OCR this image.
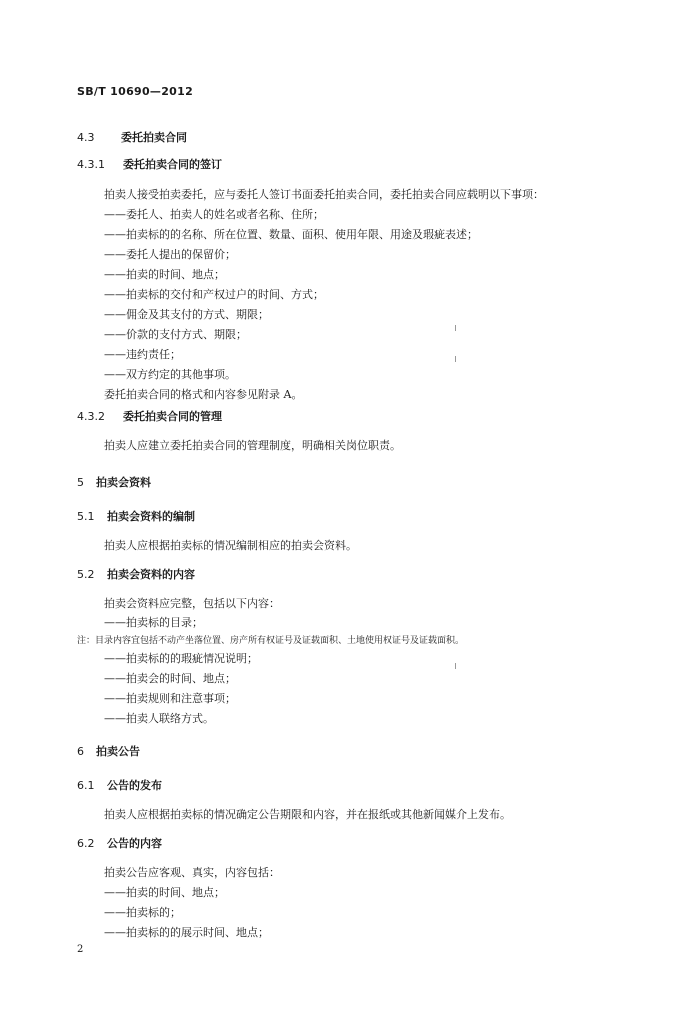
SB/T 10690—2012
4.3 委托拍卖合同
4.3.1 委托拍卖合同的签订
拍卖人接受拍卖委托，应与委托人签订书面委托拍卖合同，委托拍卖合同应载明以下事项：
——委托人、拍卖人的姓名或者名称、住所；
——拍卖标的的名称、所在位置、数量、面积、使用年限、用途及瑕疵表述；
——委托人提出的保留价；
——拍卖的时间、地点；
——拍卖标的交付和产权过户的时间、方式；
——佣金及其支付的方式、期限；
——价款的支付方式、期限；
——违约责任；
——双方约定的其他事项。
委托拍卖合同的格式和内容参见附录 A。
4.3.2 委托拍卖合同的管理
拍卖人应建立委托拍卖合同的管理制度，明确相关岗位职责。
5 拍卖会资料
5.1 拍卖会资料的编制
拍卖人应根据拍卖标的情况编制相应的拍卖会资料。
5.2 拍卖会资料的内容
拍卖会资料应完整，包括以下内容：
——拍卖标的目录；
注：目录内容宜包括不动产坐落位置、房产所有权证号及证载面积、土地使用权证号及证载面积。
——拍卖标的的瑕疵情况说明；
——拍卖会的时间、地点；
——拍卖规则和注意事项；
——拍卖人联络方式。
6 拍卖公告
6.1 公告的发布
拍卖人应根据拍卖标的情况确定公告期限和内容，并在报纸或其他新闻媒介上发布。
6.2 公告的内容
拍卖公告应客观、真实，内容包括：
——拍卖的时间、地点；
——拍卖标的；
——拍卖标的的展示时间、地点；
2
